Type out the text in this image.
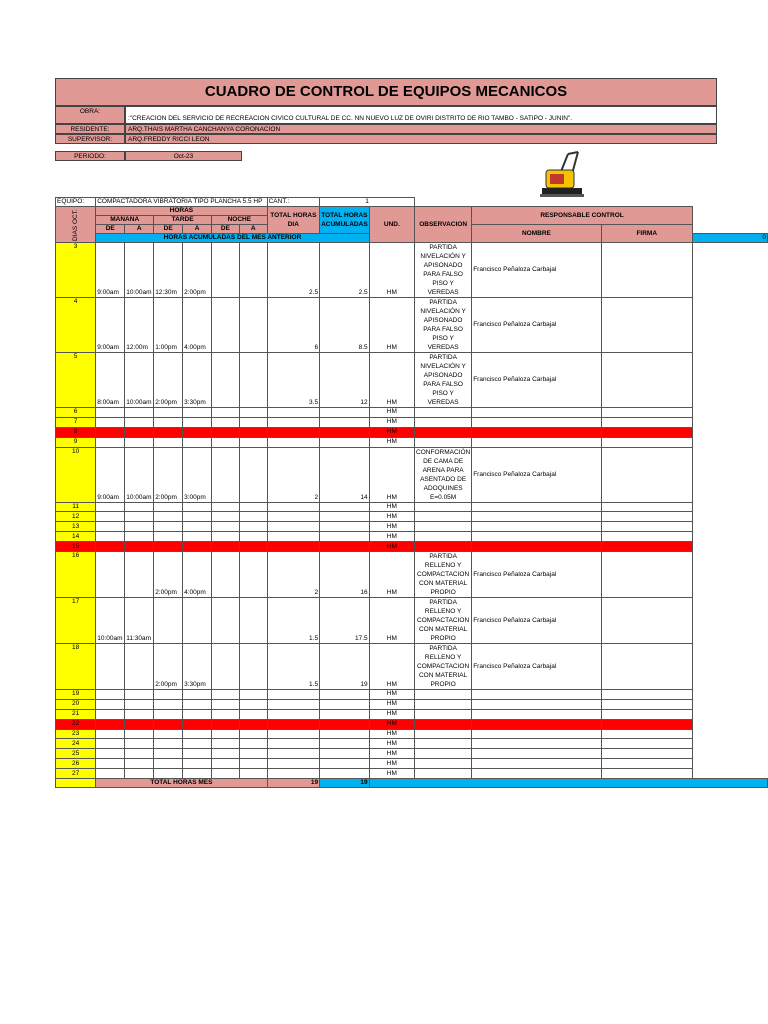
CUADRO DE CONTROL DE EQUIPOS MECANICOS
OBRA:
:"CREACION DEL SERVICIO DE RECREACION CIVICO CULTURAL DE CC. NN NUEVO LUZ DE OVIRI DISTRITO DE RIO TAMBO - SATIPO - JUNIN".
RESIDENTE:	ARQ.THAIS MARTHA CANCHANYA CORONACION
SUPERVISOR:	ARQ.FREDDY RICCI LEON
PERIODO:	Oct-23
EQUIPO:	COMPACTADORA VIBRATORIA TIPO PLANCHA 5.5 HP						CANT.:	1					

DIAS OCT.	HORAS						TOTAL HORAS DIA	TOTAL HORAS ACUMULADAS	UND.	OBSERVACION	RESPONSABLE CONTROL		
	MAÑANA		TARDE		NOCHE								
	DE	A	DE	A	DE	A					NOMBRE	FIRMA	
	HORAS ACUMULADAS DEL MES ANTERIOR												0
3	9:00am	10:00am	12:30m	2:00pm			2.5	2.5	HM	PARTIDA NIVELACIÓN Y APISONADO PARA FALSO PISO Y VEREDAS	Francisco Peñaloza Carbajal		
4	9:00am	12:00m	1:00pm	4:00pm			6	8.5	HM	PARTIDA NIVELACIÓN Y APISONADO PARA FALSO PISO Y VEREDAS	Francisco Peñaloza Carbajal		
5	8:00am	10:00am	2:00pm	3:30pm			3.5	12	HM	PARTIDA NIVELACIÓN Y APISONADO PARA FALSO PISO Y VEREDAS	Francisco Peñaloza Carbajal		
6									HM				
7									HM				
8									HM				
9									HM				
10	9:00am	10:00am	2:00pm	3:00pm			2	14	HM	CONFORMACIÓN DE CAMA DE ARENA PARA ASENTADO DE ADOQUINES E=0.05M	Francisco Peñaloza Carbajal		
11									HM				
12									HM				
13									HM				
14									HM				
15									HM				
16			2:00pm	4:00pm			2	16	HM	PARTIDA RELLENO Y COMPACTACION CON MATERIAL PROPIO	Francisco Peñaloza Carbajal		
17	10:00am	11:30am					1.5	17.5	HM	PARTIDA RELLENO Y COMPACTACION CON MATERIAL PROPIO	Francisco Peñaloza Carbajal		
18			2:00pm	3:30pm			1.5	19	HM	PARTIDA RELLENO Y COMPACTACION CON MATERIAL PROPIO	Francisco Peñaloza Carbajal		
19									HM				
20									HM				
21									HM				
22									HM				
23									HM				
24									HM				
25									HM				
26									HM				
27									HM				
	TOTAL HORAS MES						19	19					
